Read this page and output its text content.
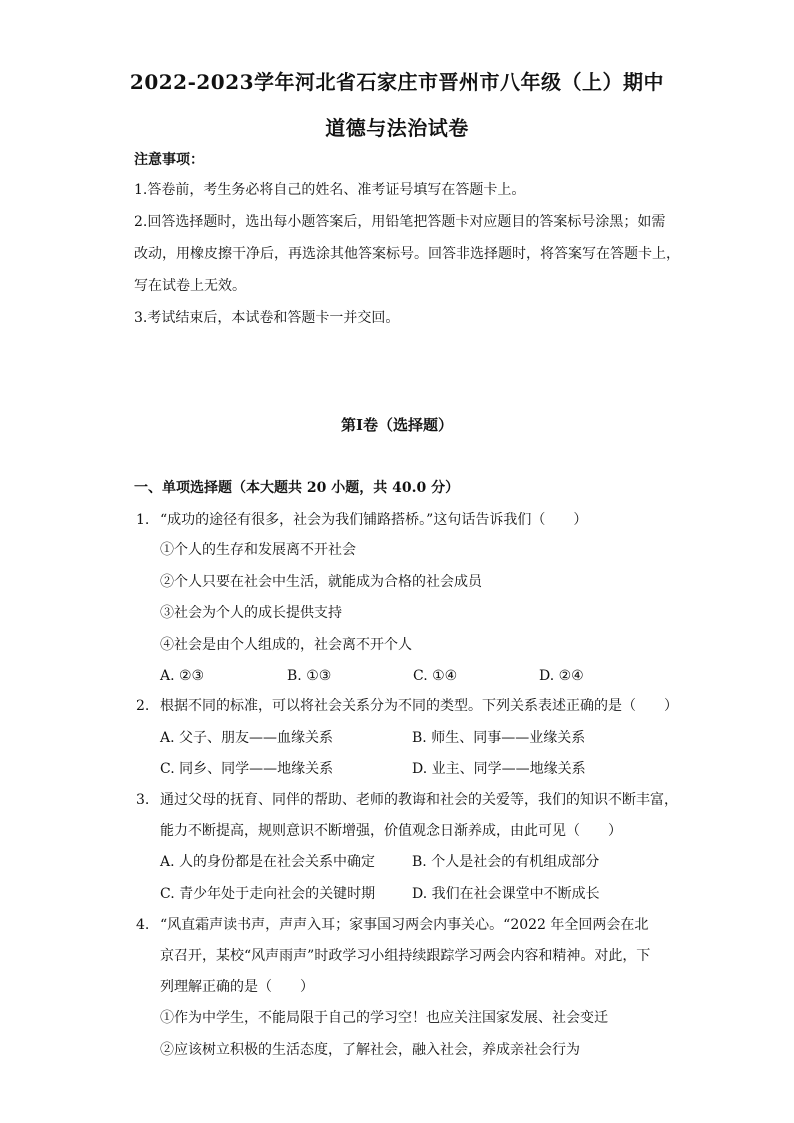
2022-2023学年河北省石家庄市晋州市八年级（上）期中
道德与法治试卷
注意事项：
1.答卷前，考生务必将自己的姓名、准考证号填写在答题卡上。
2.回答选择题时，选出每小题答案后，用铅笔把答题卡对应题目的答案标号涂黑；如需
改动，用橡皮擦干净后，再选涂其他答案标号。回答非选择题时，将答案写在答题卡上，
写在试卷上无效。
3.考试结束后，本试卷和答题卡一并交回。
第Ⅰ卷（选择题）
一、单项选择题（本大题共 20 小题，共 40.0 分）
1. “成功的途径有很多，社会为我们铺路搭桥。”这句话告诉我们（　　）
①个人的生存和发展离不开社会
②个人只要在社会中生活，就能成为合格的社会成员
③社会为个人的成长提供支持
④社会是由个人组成的，社会离不开个人
A. ②③	B. ①③	C. ①④	D. ②④
2. 根据不同的标准，可以将社会关系分为不同的类型。下列关系表述正确的是（　　）
A. 父子、朋友——血缘关系	B. 师生、同事——业缘关系
C. 同乡、同学——地缘关系	D. 业主、同学——地缘关系
3. 通过父母的抚育、同伴的帮助、老师的教诲和社会的关爱等，我们的知识不断丰富，
能力不断提高，规则意识不断增强，价值观念日渐养成，由此可见（　　）
A. 人的身份都是在社会关系中确定	B. 个人是社会的有机组成部分
C. 青少年处于走向社会的关键时期	D. 我们在社会课堂中不断成长
4. “风直霜声读书声，声声入耳；家事国习两会内事关心。“2022 年全回两会在北
京召开，某校“风声雨声”时政学习小组持续跟踪学习两会内容和精神。对此，下
列理解正确的是（　　）
①作为中学生，不能局限于自己的学习空！也应关注国家发展、社会变迁
②应该树立积极的生活态度，了解社会，融入社会，养成亲社会行为
